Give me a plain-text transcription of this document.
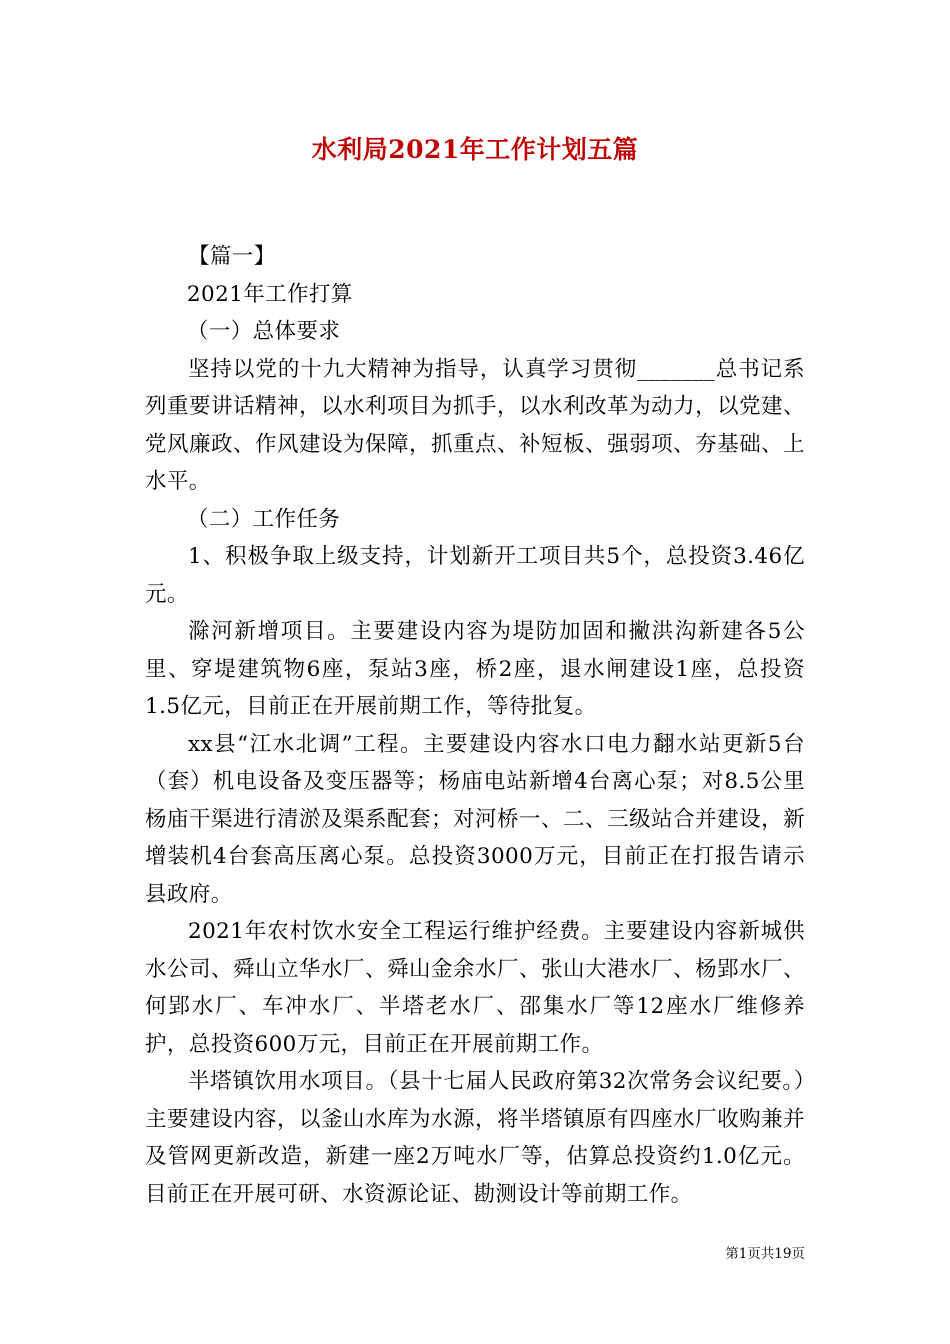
水利局2021年工作计划五篇

【篇一】

2021年工作打算

（一）总体要求

坚持以党的十九大精神为指导，认真学习贯彻_______总书记系列重要讲话精神，以水利项目为抓手，以水利改革为动力，以党建、党风廉政、作风建设为保障，抓重点、补短板、强弱项、夯基础、上水平。

（二）工作任务

1、积极争取上级支持，计划新开工项目共5个，总投资3.46亿元。

滁河新增项目。主要建设内容为堤防加固和撇洪沟新建各5公里、穿堤建筑物6座，泵站3座，桥2座，退水闸建设1座，总投资1.5亿元，目前正在开展前期工作，等待批复。

xx县“江水北调”工程。主要建设内容水口电力翻水站更新5台（套）机电设备及变压器等；杨庙电站新增4台离心泵；对8.5公里杨庙干渠进行清淤及渠系配套；对河桥一、二、三级站合并建设，新增装机4台套高压离心泵。总投资3000万元，目前正在打报告请示县政府。

2021年农村饮水安全工程运行维护经费。主要建设内容新城供水公司、舜山立华水厂、舜山金余水厂、张山大港水厂、杨郢水厂、何郢水厂、车冲水厂、半塔老水厂、邵集水厂等12座水厂维修养护，总投资600万元，目前正在开展前期工作。

半塔镇饮用水项目。（县十七届人民政府第32次常务会议纪要。）主要建设内容，以釜山水库为水源，将半塔镇原有四座水厂收购兼并及管网更新改造，新建一座2万吨水厂等，估算总投资约1.0亿元。目前正在开展可研、水资源论证、勘测设计等前期工作。

第1页共19页
